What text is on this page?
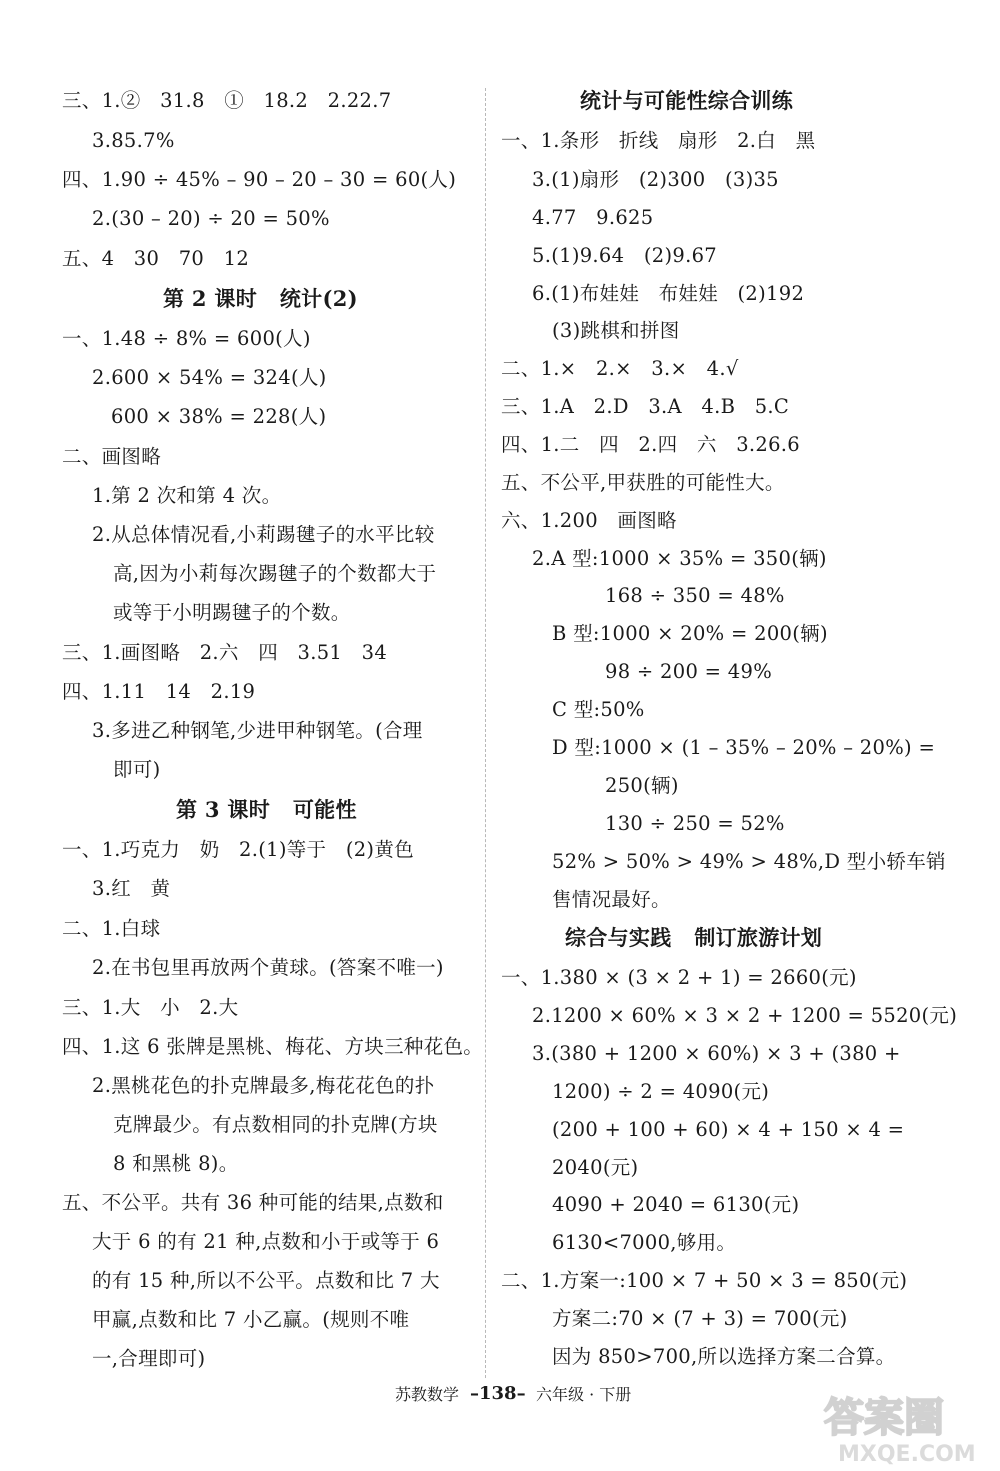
三、1.②   31.8   ①   18.2   2.22.7
3.85.7%
四、1.90 ÷ 45% – 90 – 20 – 30 = 60(人)
2.(30 – 20) ÷ 20 = 50%
五、4   30   70   12
第 2 课时   统计(2)
一、1.48 ÷ 8% = 600(人)
2.600 × 54% = 324(人)
600 × 38% = 228(人)
二、画图略
1.第 2 次和第 4 次。
2.从总体情况看,小莉踢毽子的水平比较
高,因为小莉每次踢毽子的个数都大于
或等于小明踢毽子的个数。
三、1.画图略   2.六   四   3.51   34
四、1.11   14   2.19
3.多进乙种钢笔,少进甲种钢笔。(合理
即可)
第 3 课时   可能性
一、1.巧克力   奶   2.(1)等于   (2)黄色
3.红   黄
二、1.白球
2.在书包里再放两个黄球。(答案不唯一)
三、1.大   小   2.大
四、1.这 6 张牌是黑桃、梅花、方块三种花色。
2.黑桃花色的扑克牌最多,梅花花色的扑
克牌最少。有点数相同的扑克牌(方块
8 和黑桃 8)。
五、不公平。共有 36 种可能的结果,点数和
大于 6 的有 21 种,点数和小于或等于 6
的有 15 种,所以不公平。点数和比 7 大
甲赢,点数和比 7 小乙赢。(规则不唯
一,合理即可)
统计与可能性综合训练
一、1.条形   折线   扇形   2.白   黑
3.(1)扇形   (2)300   (3)35
4.77   9.625
5.(1)9.64   (2)9.67
6.(1)布娃娃   布娃娃   (2)192
(3)跳棋和拼图
二、1.×   2.×   3.×   4.√
三、1.A   2.D   3.A   4.B   5.C
四、1.二   四   2.四   六   3.26.6
五、不公平,甲获胜的可能性大。
六、1.200   画图略
2.A 型:1000 × 35% = 350(辆)
168 ÷ 350 = 48%
B 型:1000 × 20% = 200(辆)
98 ÷ 200 = 49%
C 型:50%
D 型:1000 × (1 – 35% – 20% – 20%) =
250(辆)
130 ÷ 250 = 52%
52% > 50% > 49% > 48%,D 型小轿车销
售情况最好。
综合与实践   制订旅游计划
一、1.380 × (3 × 2 + 1) = 2660(元)
2.1200 × 60% × 3 × 2 + 1200 = 5520(元)
3.(380 + 1200 × 60%) × 3 + (380 +
1200) ÷ 2 = 4090(元)
(200 + 100 + 60) × 4 + 150 × 4 =
2040(元)
4090 + 2040 = 6130(元)
6130<7000,够用。
二、1.方案一:100 × 7 + 50 × 3 = 850(元)
方案二:70 × (7 + 3) = 700(元)
因为 850>700,所以选择方案二合算。
苏教数学 –138– 六年级 · 下册
答案圈
MXQE.COM
